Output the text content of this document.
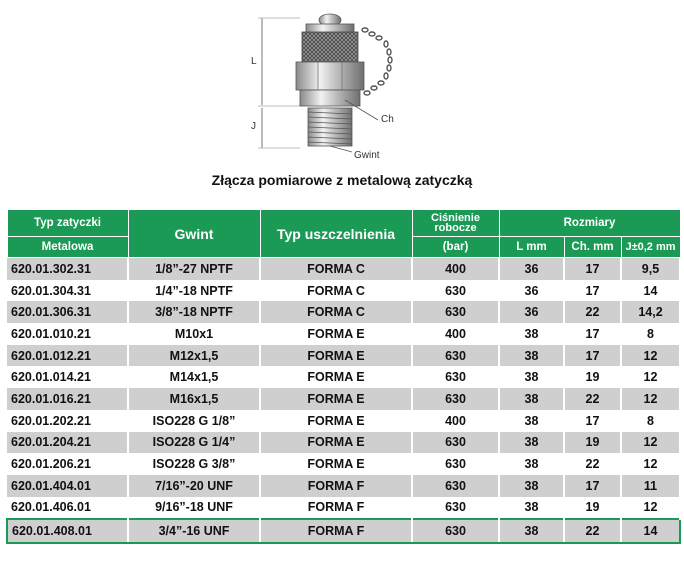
L
J
Ch
Gwint
Złącza pomiarowe z metalową zatyczką
Typ zatyczki	Gwint	Typ uszczelnienia	Ciśnienie robocze	Rozmiary		
Metalowa			(bar)	L mm	Ch. mm	J±0,2 mm
620.01.302.31	1/8”-27 NPTF	FORMA C	400	36	17	9,5
620.01.304.31	1/4”-18 NPTF	FORMA C	630	36	17	14
620.01.306.31	3/8”-18 NPTF	FORMA C	630	36	22	14,2
620.01.010.21	M10x1	FORMA E	400	38	17	8
620.01.012.21	M12x1,5	FORMA E	630	38	17	12
620.01.014.21	M14x1,5	FORMA E	630	38	19	12
620.01.016.21	M16x1,5	FORMA E	630	38	22	12
620.01.202.21	ISO228 G 1/8”	FORMA E	400	38	17	8
620.01.204.21	ISO228 G 1/4”	FORMA E	630	38	19	12
620.01.206.21	ISO228 G 3/8”	FORMA E	630	38	22	12
620.01.404.01	7/16”-20 UNF	FORMA F	630	38	17	11
620.01.406.01	9/16”-18 UNF	FORMA F	630	38	19	12
620.01.408.01	3/4”-16 UNF	FORMA F	630	38	22	14
